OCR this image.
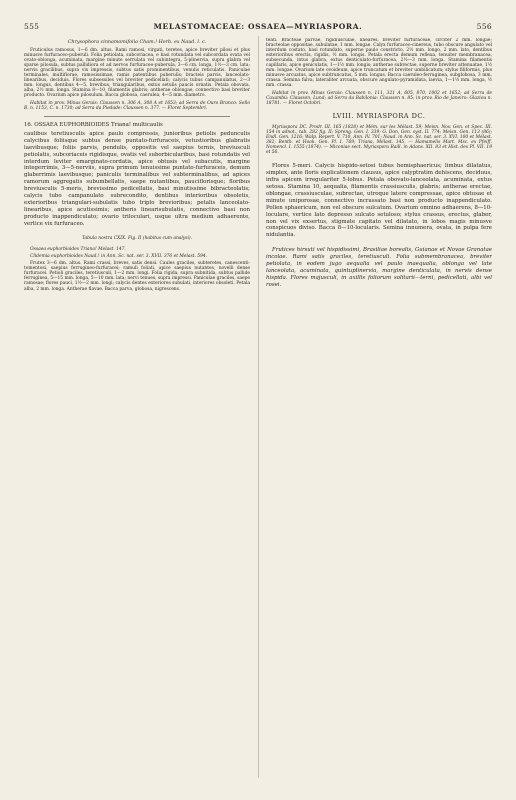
555	MELASTOMACEAE: OSSAEA—MYRIASPORA.	556
Chrysophora cinnamomifolia Cham.! Herb. ex Naud. l. c.

Fruticulus ramosus, 1—6 dm. altus. Rami ramosi, virgati, teretes, apice breviter pilosi et plus minusve furfuraceo-puberuli. Folia petiolata, subcoriacea, e basi rotundata vel subcordata ovata vel ovato-oblonga, acuminata, margine minute serrulata vel subintegra, 5-plinervia, supra glabra vel sparse pilosula, subtus pallidiora et ad nervos furfuraceo-puberula, 3—6 cm. longa, 1½—3 cm. lata; nervis gracilibus, supra vix impressis, subtus satis prominentibus, venulis reticulatis. Paniculae terminales, multiflorae, ramosissimae, ramis patentibus puberulis; bracteis parvis, lanceolato-linearibus, deciduis. Flores subsessiles vel breviter pedicellati; calycis tubus campanulatus, 2—3 mm. longus, dentibus 4—5, brevibus, triangularibus, extus setulis paucis ornatis. Petala obovata, alba, 2½ mm. longa. Stamina 8—10, filamentis glabris; antherae oblongae, connectivo basi breviter producto. Ovarium apice pilosulum. Bacca globosa, caerulea, 4—5 mm. diametro.

Habitat in prov. Minas Gerais: Claussen n. 306 A, 308 A et 1653; ad Serra de Ouro Branco: Sello B. n. 1153, C. n. 1730; ad Serra da Piedade: Claussen n. 377. — Floret Septembri.

16. OSSAEA EUPHORBIOIDES Triana! multicaulis

caulibus teretiusculis apice paulo compressis, junioribus petiolis pedunculis calycibus foliisque subtus dense puntato-furfuraceis, vetustioribus glabratis laevibusque; foliis parvis, pendulis, oppositis vel saepius ternis, breviusculi petiolatis, subcoriaceis rigidisque, ovatis vel suborbicularibus, basi rotundatis vel interdum leviter emarginato-cordatis, apice obtusis vel subacutis, margine integerrimis, 3—5-nerviis, supra primum tenuissime puntato-furfuraceis, demum glaberrimis laevibusque; paniculis terminalibus vel subterminalibus, ad apices ramorum aggregatis subumbellatis, saepe nutantibus, pauciflorisque; floribus breviusculis 5-meris, brevissimo pedicellatis, basi minutissime bibracteolatis; calycis tubo campanulato subrecondito, dentibus interioribus obsoletis, exterioribus triangulari-subulatis tubo triplo brevioribus; petalis lanceolato-linearibus, apice acutissimis; antheris linearisubulatis, connectivo basi non producto inappendiculato; ovario triloculari, usque ultra medium adhaerente, vertice vix furfuraceo.

Tabula nostra CXIX. Fig. II (habitus cum analysi).

Ossaea euphorbioides Triana! Melast. 147.

Clidemia euphorbioides Naud.! in Ann. Sc. nat. ser. 3. XVII. 376 et Melast. 594.

Frutex 3—6 dm. altus. Rami crassi, breves, satis densi. Caules graciles, subteretes, canescenti-tomentosi, saepius ferrugineo-furfuracei; ramuli foliati, apice saepius nutantes, novelli dense furfuracei. Petioli graciles, teretiusculi, 1—2 mm. longi. Folia rigida, supra subnitida, subtus pallide ferruginea, 5—15 mm. longa, 5—10 mm. lata; nervi tenues, supra impressi. Paniculae graciles, saepe ramosae; flores pauci, 1½—2 mm. longi; calycis dentes exteriores subulati, interiores obsoleti. Petala alba, 2 mm. longa. Antherae flavae. Bacca parva, globosa, nigrescens.

teati. Bracteae parvae, rigidiusculae, lineares, breviter furfuraceae, circiter 2 mm. longae; bracteolae oppositae, subulatae, 1 mm. longae. Calyx furfuraceo-cinereus, tubo obscure angulato vel interdum costato, basi rotundato, superne paulo constricto, 2½ mm. longo, 2 mm. lato, dentibus exterioribus erectis, rigidis, ½ mm. longis. Petala erecta demum reflexa, tenuiter membranacea, subsecunda, intus glabra, extus denticulato-furfuracea, 2½—3 mm. longa. Stamina filamentis capillaris, apice geniculatis, 1—1½ mm. longis; antherae subrectae, superne breviter attenuatae, 1½ mm. longae. Ovarium late ovoideum, apice truncatum et breviter umbilicatum; stylus filiformis, plus minusve arcuatus, apice subtruncatus, 5 mm. longus. Bacca caeruleo-ferruginea, subglobosa, 3 mm. crassa. Semina fulva, lateraliter arcuata, obscure angulato-pyramidata, laevia, 1—1½ mm. longa, ½ mm. crassa.

Habitat in prov. Minas Gerais: Claussen n. 111, 321 A, 605, 870, 1002 et 1652; ad Serra de Caxambú: Claussen, Lund; ad Serra da Babilonia: Claussen n. 85; in prov. Rio de Janeiro: Glaziou n. 18781. — Floret Octobri.

LVIII. MYRIASPORA DC.

Myriaspora DC. Prodr. III. 165 (1828) et Mém. sur les Mélast. 59; Meisn. Nov. Gen. et Spec. III. 154 in adnot., tab. 282 fig. II; Spreng. Gen. I. 339; G. Don, Gen. syst. II. 774; Meisn. Gen. 113 (86); Endl. Gen. 1216; Walp. Repert. V. 710, Ann. IV. 701; Naud. in Ann. Sc. nat. ser. 3. XVI. 100 et Mélast. 382; Benth. et Hook. Gen. Pl. I. 769; Triana, Mélast. 145. — Hamamelis Mart. Msc. ex Pfeiff. Nomencl. I. 1555 (1874). — Miconiae sect. Myriaspora Baill. in Adans. XII. 83 et Hist. des Pl. VII. 19 et 56.

Flores 5-meri. Calycis hispido-setosi tubus hemisphaericus; limbus dilatatus, simplex, ante floris explicationem clausus, apice calyptratim dehiscens, deciduus, infra apicem irregulariter 5-lobus. Petala obovato-lanceolata, acuminata, extus setosa. Stamina 10, aequalia, filamentis crassiusculis, glabris; antherae erectae, oblongae, crassiusculae, subrectae, utroque latere compressae, apice obtusae et minute uniporosae, connectivo incrassato basi non producto inappendiculato. Pollen sphaericum, non vel obscure sulcatum. Ovarium omnino adhaerens, 8—10-loculare, vertice lato depresso sulcato setuloso; stylus crassus, erectus, glaber, non vel vix exsertus, stigmate capitato vel dilatato, in lobos magis minusve conspicuos diviso. Bacca 8—10-locularis. Semina innumera, ovata, in pulpa fere nidulantia.

Frutices hirsuti vel hispidissimi, Brasiliae borealis, Guianae et Novae Granatae incolae. Rami satis graciles, teretiusculi. Folia submembranacea, breviter petiolata, in eodem jugo aequalia vel paulo inaequalia, oblonga vel late lanceolata, acuminata, quintuplinervia, margine denticulata, in nervis dense hispida. Flores majusculi, in axillis foliorum solitarii—terni, pedicellati, albi vel rosei.
